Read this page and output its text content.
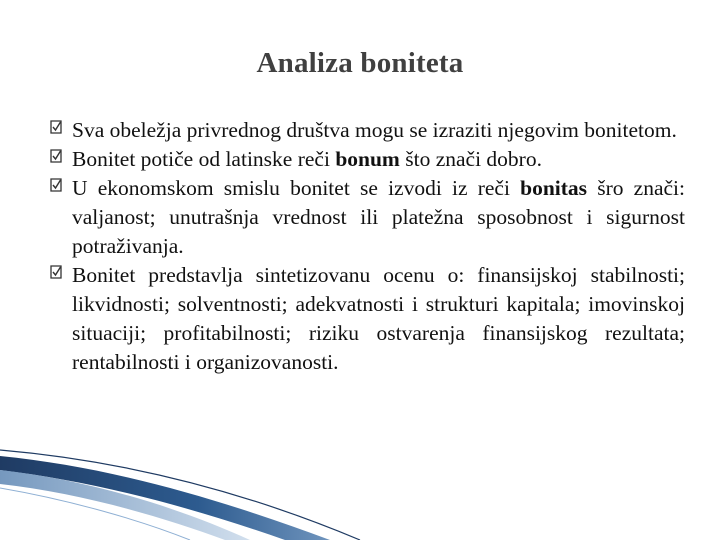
Analiza boniteta

Sva obeležja privrednog društva mogu se izraziti njegovim bonitetom.

Bonitet potiče od latinske reči bonum što znači dobro.

U ekonomskom smislu bonitet se izvodi iz reči bonitas šro znači: valjanost; unutrašnja vrednost ili platežna sposobnost i sigurnost potraživanja.

Bonitet predstavlja sintetizovanu ocenu o: finansijskoj stabilnosti; likvidnosti; solventnosti; adekvatnosti i strukturi kapitala; imovinskoj situaciji; profitabilnosti; riziku ostvarenja finansijskog rezultata; rentabilnosti i organizovanosti.
